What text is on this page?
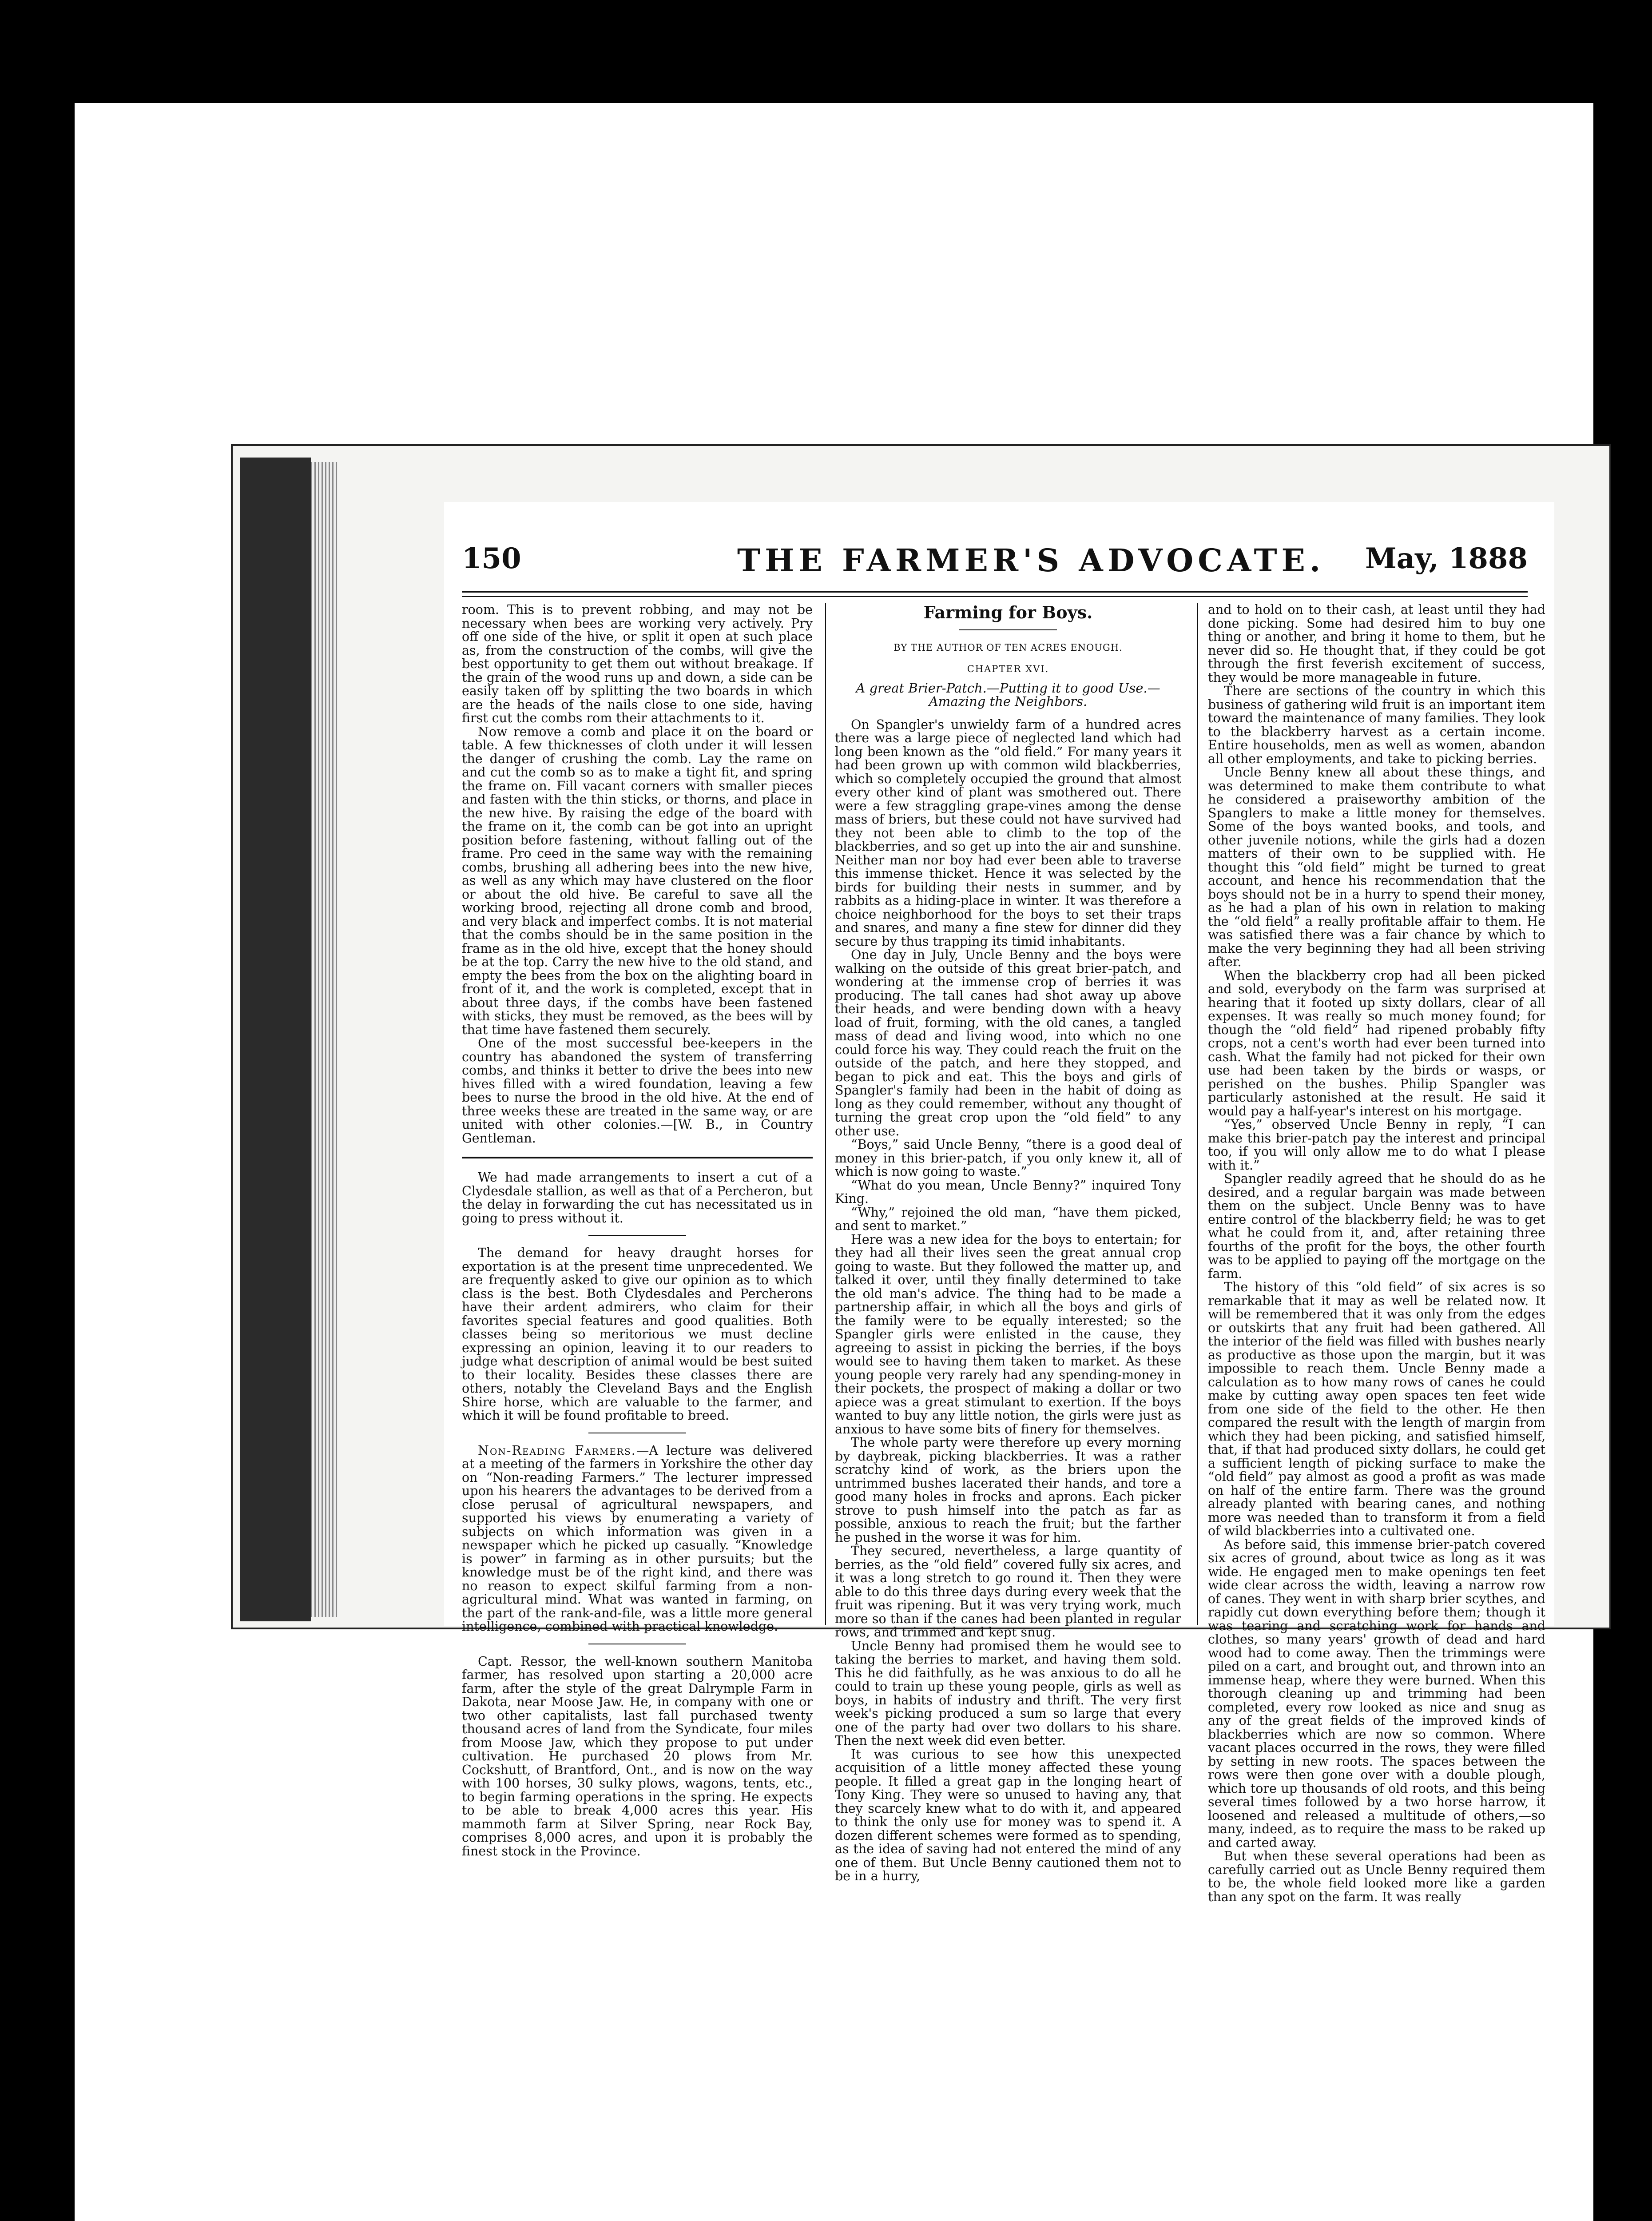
150	THE FARMER'S ADVOCATE. May, 1888

room. This is to prevent robbing, and may not be necessary when bees are working very actively. Pry off one side of the hive, or split it open at such place as, from the construction of the combs, will give the best opportunity to get them out without breakage. If the grain of the wood runs up and down, a side can be easily taken off by splitting the two boards in which are the heads of the nails close to one side, having first cut the combs rom their attachments to it.

Now remove a comb and place it on the board or table. A few thicknesses of cloth under it will lessen the danger of crushing the comb. Lay the rame on and cut the comb so as to make a tight fit, and spring the frame on. Fill vacant corners with smaller pieces and fasten with the thin sticks, or thorns, and place in the new hive. By raising the edge of the board with the frame on it, the comb can be got into an upright position before fastening, without falling out of the frame. Pro ceed in the same way with the remaining combs, brushing all adhering bees into the new hive, as well as any which may have clustered on the floor or about the old hive. Be careful to save all the working brood, rejecting all drone comb and brood, and very black and imperfect combs. It is not material that the combs should be in the same position in the frame as in the old hive, except that the honey should be at the top. Carry the new hive to the old stand, and empty the bees from the box on the alighting board in front of it, and the work is completed, except that in about three days, if the combs have been fastened with sticks, they must be removed, as the bees will by that time have fastened them securely.

One of the most successful bee-keepers in the country has abandoned the system of transferring combs, and thinks it better to drive the bees into new hives filled with a wired foundation, leaving a few bees to nurse the brood in the old hive. At the end of three weeks these are treated in the same way, or are united with other colonies.—[W. B., in Country Gentleman.

We had made arrangements to insert a cut of a Clydesdale stallion, as well as that of a Percheron, but the delay in forwarding the cut has necessitated us in going to press without it.

The demand for heavy draught horses for exportation is at the present time unprecedented. We are frequently asked to give our opinion as to which class is the best. Both Clydesdales and Percherons have their ardent admirers, who claim for their favorites special features and good qualities. Both classes being so meritorious we must decline expressing an opinion, leaving it to our readers to judge what description of animal would be best suited to their locality. Besides these classes there are others, notably the Cleveland Bays and the English Shire horse, which are valuable to the farmer, and which it will be found profitable to breed.

Non-Reading Farmers.—A lecture was delivered at a meeting of the farmers in Yorkshire the other day on “Non-reading Farmers.” The lecturer impressed upon his hearers the advantages to be derived from a close perusal of agricultural newspapers, and supported his views by enumerating a variety of subjects on which information was given in a newspaper which he picked up casually. “Knowledge is power” in farming as in other pursuits; but the knowledge must be of the right kind, and there was no reason to expect skilful farming from a non-agricultural mind. What was wanted in farming, on the part of the rank-and-file, was a little more general intelligence, combined with practical knowledge.

Capt. Ressor, the well-known southern Manitoba farmer, has resolved upon starting a 20,000 acre farm, after the style of the great Dalrymple Farm in Dakota, near Moose Jaw. He, in company with one or two other capitalists, last fall purchased twenty thousand acres of land from the Syndicate, four miles from Moose Jaw, which they propose to put under cultivation. He purchased 20 plows from Mr. Cockshutt, of Brantford, Ont., and is now on the way with 100 horses, 30 sulky plows, wagons, tents, etc., to begin farming operations in the spring. He expects to be able to break 4,000 acres this year. His mammoth farm at Silver Spring, near Rock Bay, comprises 8,000 acres, and upon it is probably the finest stock in the Province.

Farming for Boys.
BY THE AUTHOR OF TEN ACRES ENOUGH.
CHAPTER XVI.
A great Brier-Patch.—Putting it to good Use.—Amazing the Neighbors.

On Spangler's unwieldy farm of a hundred acres there was a large piece of neglected land which had long been known as the “old field.” For many years it had been grown up with common wild blackberries, which so completely occupied the ground that almost every other kind of plant was smothered out. There were a few straggling grape-vines among the dense mass of briers, but these could not have survived had they not been able to climb to the top of the blackberries, and so get up into the air and sunshine. Neither man nor boy had ever been able to traverse this immense thicket. Hence it was selected by the birds for building their nests in summer, and by rabbits as a hiding-place in winter. It was therefore a choice neighborhood for the boys to set their traps and snares, and many a fine stew for dinner did they secure by thus trapping its timid inhabitants.

One day in July, Uncle Benny and the boys were walking on the outside of this great brier-patch, and wondering at the immense crop of berries it was producing. The tall canes had shot away up above their heads, and were bending down with a heavy load of fruit, forming, with the old canes, a tangled mass of dead and living wood, into which no one could force his way. They could reach the fruit on the outside of the patch, and here they stopped, and began to pick and eat. This the boys and girls of Spangler's family had been in the habit of doing as long as they could remember, without any thought of turning the great crop upon the “old field” to any other use.

“Boys,” said Uncle Benny, “there is a good deal of money in this brier-patch, if you only knew it, all of which is now going to waste.”

“What do you mean, Uncle Benny?” inquired Tony King.

“Why,” rejoined the old man, “have them picked, and sent to market.”

Here was a new idea for the boys to entertain; for they had all their lives seen the great annual crop going to waste. But they followed the matter up, and talked it over, until they finally determined to take the old man's advice. The thing had to be made a partnership affair, in which all the boys and girls of the family were to be equally interested; so the Spangler girls were enlisted in the cause, they agreeing to assist in picking the berries, if the boys would see to having them taken to market. As these young people very rarely had any spending-money in their pockets, the prospect of making a dollar or two apiece was a great stimulant to exertion. If the boys wanted to buy any little notion, the girls were just as anxious to have some bits of finery for themselves.

The whole party were therefore up every morning by daybreak, picking blackberries. It was a rather scratchy kind of work, as the briers upon the untrimmed bushes lacerated their hands, and tore a good many holes in frocks and aprons. Each picker strove to push himself into the patch as far as possible, anxious to reach the fruit; but the farther he pushed in the worse it was for him.

They secured, nevertheless, a large quantity of berries, as the “old field” covered fully six acres, and it was a long stretch to go round it. Then they were able to do this three days during every week that the fruit was ripening. But it was very trying work, much more so than if the canes had been planted in regular rows, and trimmed and kept snug.

Uncle Benny had promised them he would see to taking the berries to market, and having them sold. This he did faithfully, as he was anxious to do all he could to train up these young people, girls as well as boys, in habits of industry and thrift. The very first week's picking produced a sum so large that every one of the party had over two dollars to his share. Then the next week did even better.

It was curious to see how this unexpected acquisition of a little money affected these young people. It filled a great gap in the longing heart of Tony King. They were so unused to having any, that they scarcely knew what to do with it, and appeared to think the only use for money was to spend it. A dozen different schemes were formed as to spending, as the idea of saving had not entered the mind of any one of them. But Uncle Benny cautioned them not to be in a hurry,

and to hold on to their cash, at least until they had done picking. Some had desired him to buy one thing or another, and bring it home to them, but he never did so. He thought that, if they could be got through the first feverish excitement of success, they would be more manageable in future.

There are sections of the country in which this business of gathering wild fruit is an important item toward the maintenance of many families. They look to the blackberry harvest as a certain income. Entire households, men as well as women, abandon all other employments, and take to picking berries.

Uncle Benny knew all about these things, and was determined to make them contribute to what he considered a praiseworthy ambition of the Spanglers to make a little money for themselves. Some of the boys wanted books, and tools, and other juvenile notions, while the girls had a dozen matters of their own to be supplied with. He thought this “old field” might be turned to great account, and hence his recommendation that the boys should not be in a hurry to spend their money, as he had a plan of his own in relation to making the “old field” a really profitable affair to them. He was satisfied there was a fair chance by which to make the very beginning they had all been striving after.

When the blackberry crop had all been picked and sold, everybody on the farm was surprised at hearing that it footed up sixty dollars, clear of all expenses. It was really so much money found; for though the “old field” had ripened probably fifty crops, not a cent's worth had ever been turned into cash. What the family had not picked for their own use had been taken by the birds or wasps, or perished on the bushes. Philip Spangler was particularly astonished at the result. He said it would pay a half-year's interest on his mortgage.

“Yes,” observed Uncle Benny in reply, “I can make this brier-patch pay the interest and principal too, if you will only allow me to do what I please with it.”

Spangler readily agreed that he should do as he desired, and a regular bargain was made between them on the subject. Uncle Benny was to have entire control of the blackberry field; he was to get what he could from it, and, after retaining three fourths of the profit for the boys, the other fourth was to be applied to paying off the mortgage on the farm.

The history of this “old field” of six acres is so remarkable that it may as well be related now. It will be remembered that it was only from the edges or outskirts that any fruit had been gathered. All the interior of the field was filled with bushes nearly as productive as those upon the margin, but it was impossible to reach them. Uncle Benny made a calculation as to how many rows of canes he could make by cutting away open spaces ten feet wide from one side of the field to the other. He then compared the result with the length of margin from which they had been picking, and satisfied himself, that, if that had produced sixty dollars, he could get a sufficient length of picking surface to make the “old field” pay almost as good a profit as was made on half of the entire farm. There was the ground already planted with bearing canes, and nothing more was needed than to transform it from a field of wild blackberries into a cultivated one.

As before said, this immense brier-patch covered six acres of ground, about twice as long as it was wide. He engaged men to make openings ten feet wide clear across the width, leaving a narrow row of canes. They went in with sharp brier scythes, and rapidly cut down everything before them; though it was tearing and scratching work for hands and clothes, so many years' growth of dead and hard wood had to come away. Then the trimmings were piled on a cart, and brought out, and thrown into an immense heap, where they were burned. When this thorough cleaning up and trimming had been completed, every row looked as nice and snug as any of the great fields of the improved kinds of blackberries which are now so common. Where vacant places occurred in the rows, they were filled by setting in new roots. The spaces between the rows were then gone over with a double plough, which tore up thousands of old roots, and this being several times followed by a two horse harrow, it loosened and released a multitude of others,—so many, indeed, as to require the mass to be raked up and carted away.

But when these several operations had been as carefully carried out as Uncle Benny required them to be, the whole field looked more like a garden than any spot on the farm. It was really
